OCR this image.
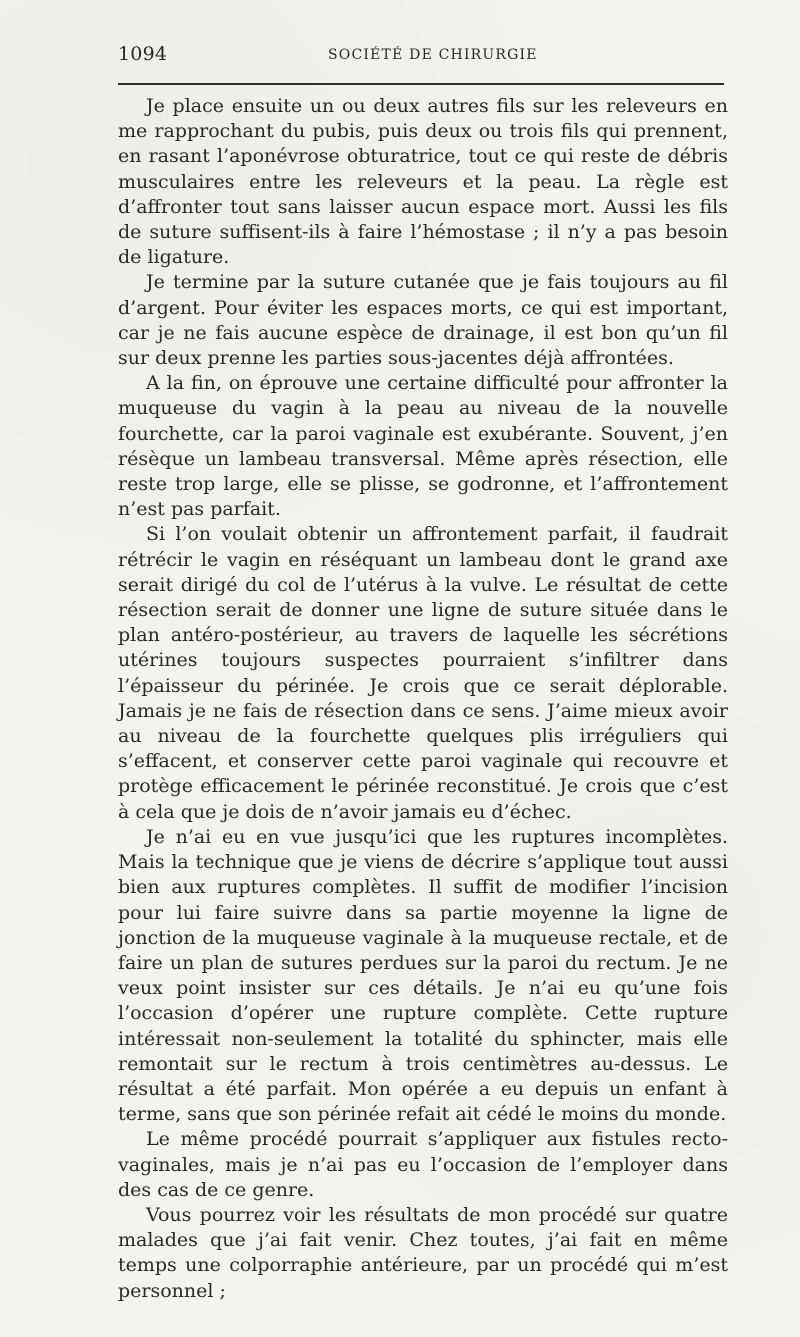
1094	SOCIÉTÉ DE CHIRURGIE

Je place ensuite un ou deux autres fils sur les releveurs en me rapprochant du pubis, puis deux ou trois fils qui prennent, en rasant l’aponévrose obturatrice, tout ce qui reste de débris musculaires entre les releveurs et la peau. La règle est d’affronter tout sans laisser aucun espace mort. Aussi les fils de suture suffisent-ils à faire l’hémostase ; il n’y a pas besoin de ligature.

Je termine par la suture cutanée que je fais toujours au fil d’argent. Pour éviter les espaces morts, ce qui est important, car je ne fais aucune espèce de drainage, il est bon qu’un fil sur deux prenne les parties sous-jacentes déjà affrontées.

A la fin, on éprouve une certaine difficulté pour affronter la muqueuse du vagin à la peau au niveau de la nouvelle fourchette, car la paroi vaginale est exubérante. Souvent, j’en résèque un lambeau transversal. Même après résection, elle reste trop large, elle se plisse, se godronne, et l’affrontement n’est pas parfait.

Si l’on voulait obtenir un affrontement parfait, il faudrait rétrécir le vagin en réséquant un lambeau dont le grand axe serait dirigé du col de l’utérus à la vulve. Le résultat de cette résection serait de donner une ligne de suture située dans le plan antéro-postérieur, au travers de laquelle les sécrétions utérines toujours suspectes pourraient s’infiltrer dans l’épaisseur du périnée. Je crois que ce serait déplorable. Jamais je ne fais de résection dans ce sens. J’aime mieux avoir au niveau de la fourchette quelques plis irréguliers qui s’effacent, et conserver cette paroi vaginale qui recouvre et protège efficacement le périnée reconstitué. Je crois que c’est à cela que je dois de n’avoir jamais eu d’échec.

Je n’ai eu en vue jusqu’ici que les ruptures incomplètes. Mais la technique que je viens de décrire s’applique tout aussi bien aux ruptures complètes. Il suffit de modifier l’incision pour lui faire suivre dans sa partie moyenne la ligne de jonction de la muqueuse vaginale à la muqueuse rectale, et de faire un plan de sutures perdues sur la paroi du rectum. Je ne veux point insister sur ces détails. Je n’ai eu qu’une fois l’occasion d’opérer une rupture complète. Cette rupture intéressait non-seulement la totalité du sphincter, mais elle remontait sur le rectum à trois centimètres au-dessus. Le résultat a été parfait. Mon opérée a eu depuis un enfant à terme, sans que son périnée refait ait cédé le moins du monde.

Le même procédé pourrait s’appliquer aux fistules recto-vaginales, mais je n’ai pas eu l’occasion de l’employer dans des cas de ce genre.

Vous pourrez voir les résultats de mon procédé sur quatre malades que j’ai fait venir. Chez toutes, j’ai fait en même temps une colporraphie antérieure, par un procédé qui m’est personnel ;
